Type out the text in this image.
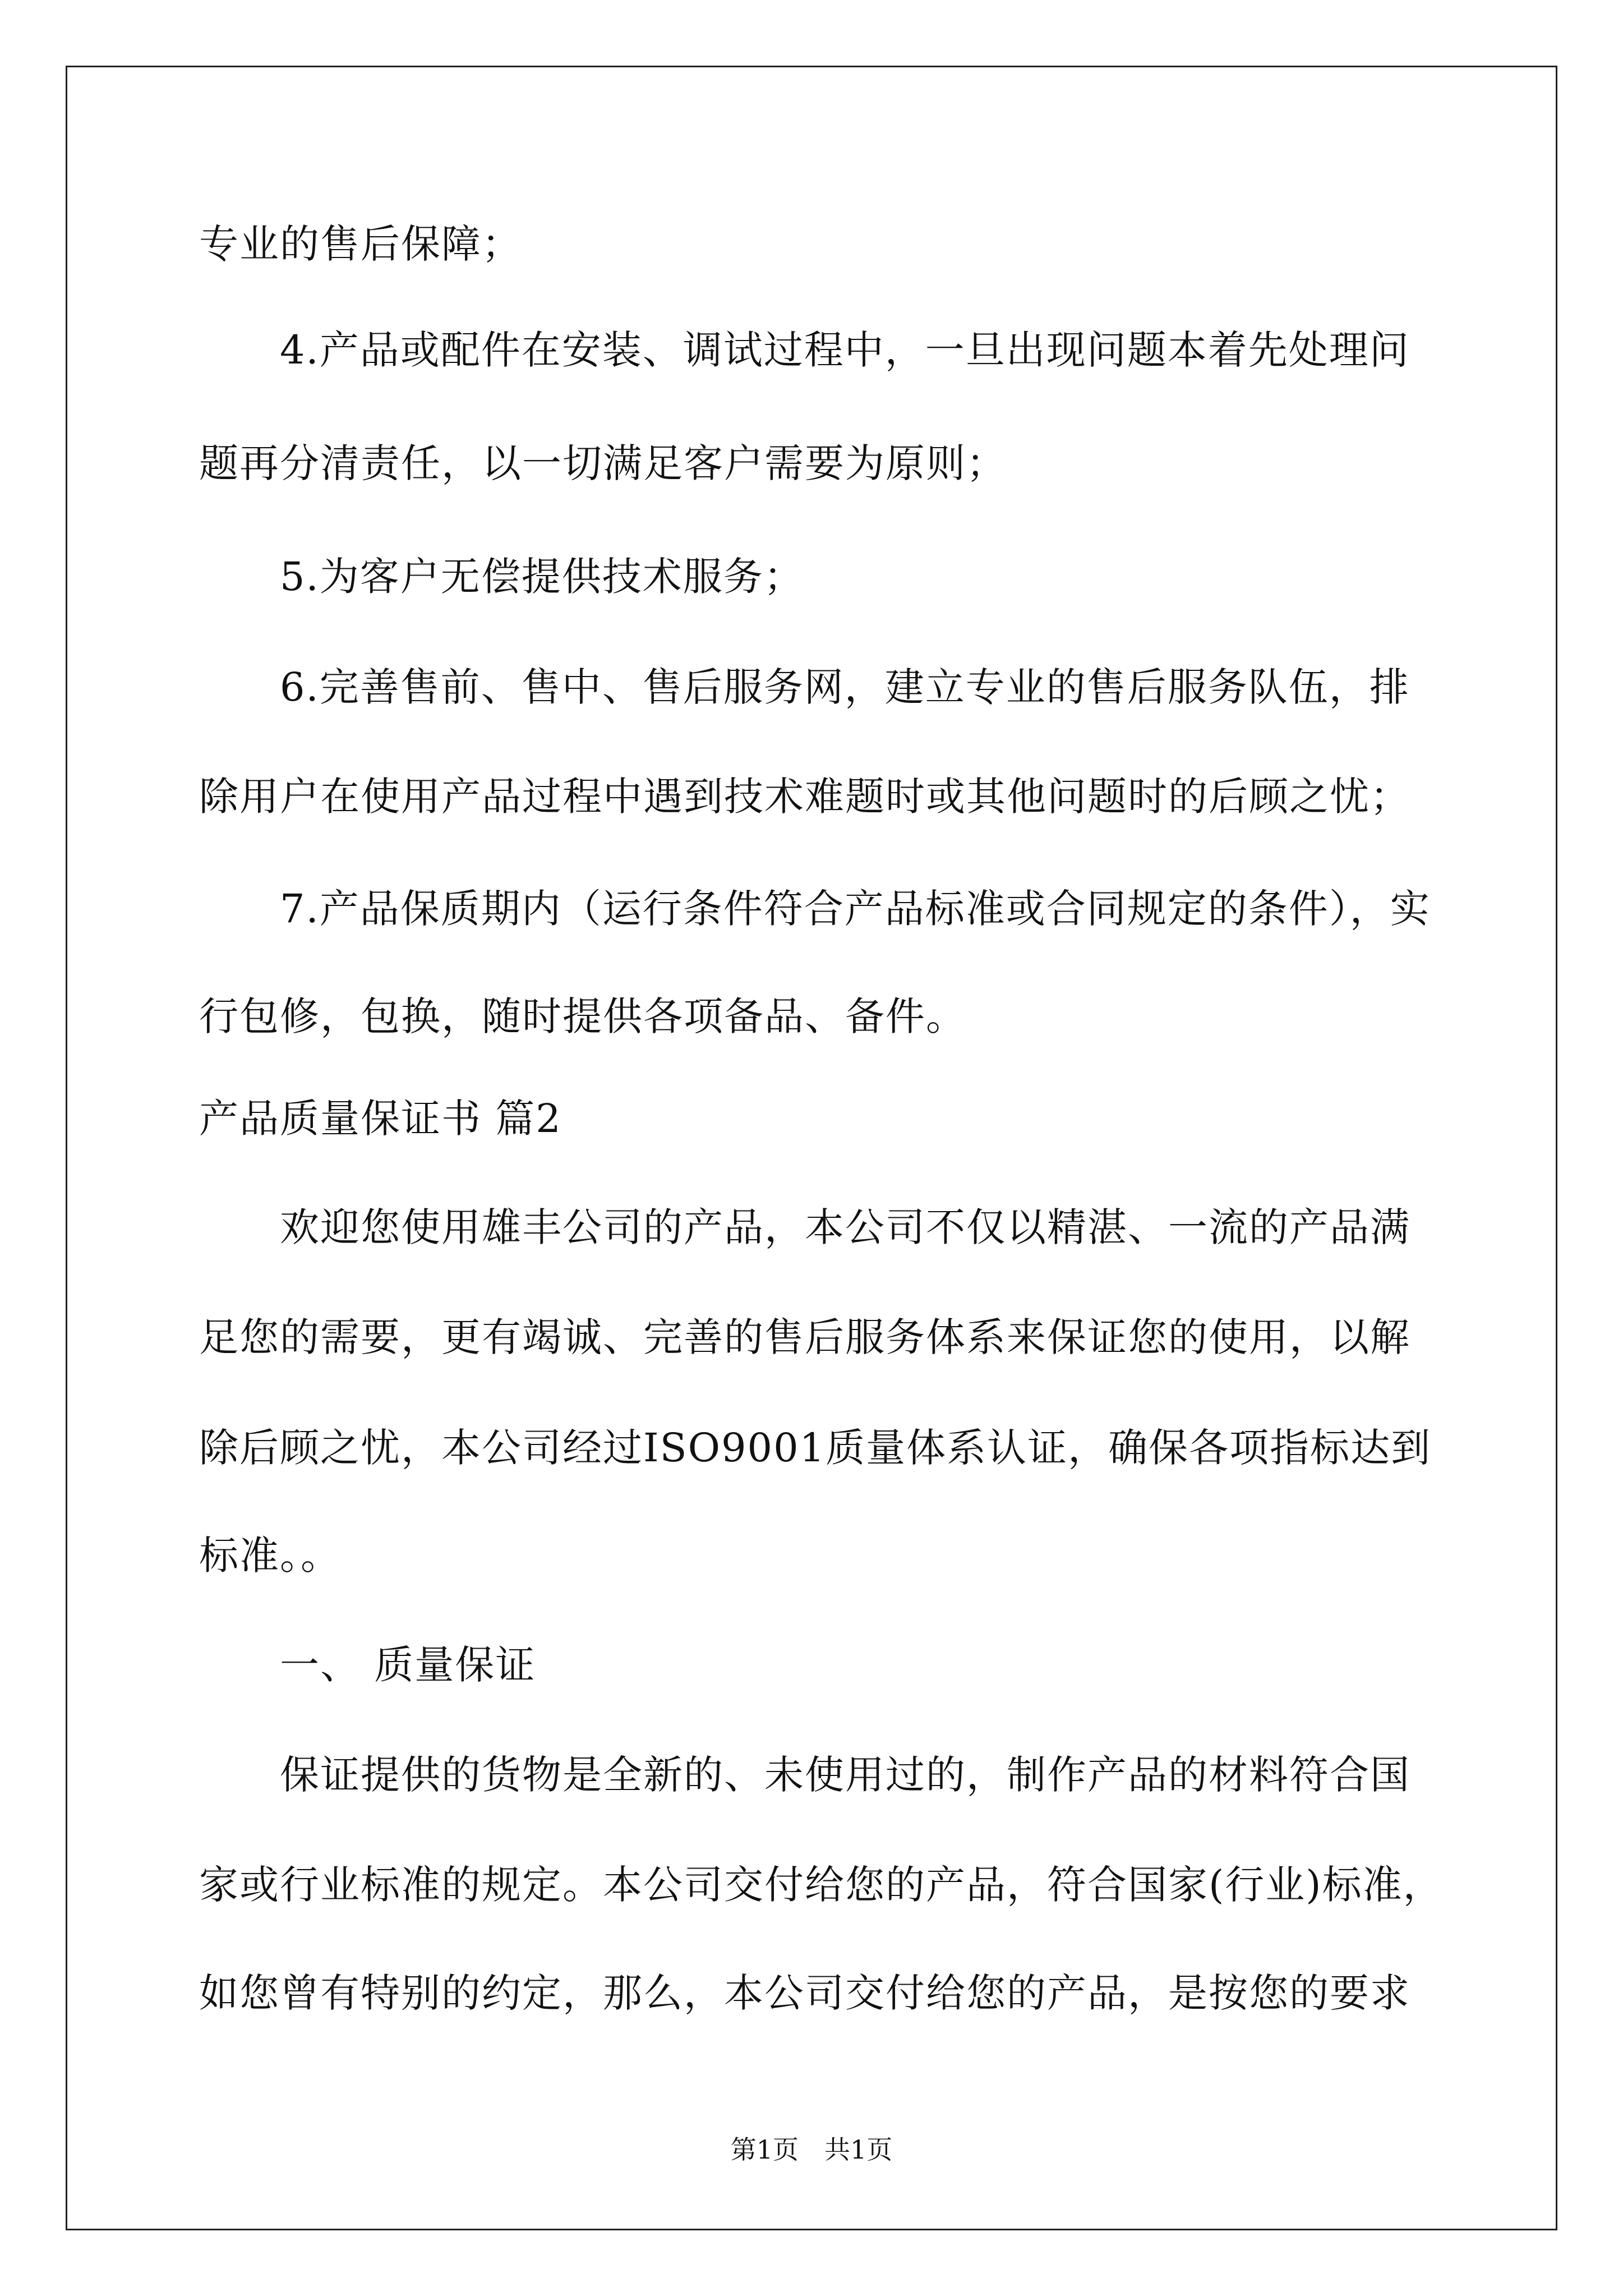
专业的售后保障；
　　4.产品或配件在安装、调试过程中，一旦出现问题本着先处理问
题再分清责任，以一切满足客户需要为原则；
　　5.为客户无偿提供技术服务；
　　6.完善售前、售中、售后服务网，建立专业的售后服务队伍，排
除用户在使用产品过程中遇到技术难题时或其他问题时的后顾之忧；
　　7.产品保质期内（运行条件符合产品标准或合同规定的条件），实
行包修，包换，随时提供各项备品、备件。
产品质量保证书 篇2
　　欢迎您使用雄丰公司的产品，本公司不仅以精湛、一流的产品满
足您的需要，更有竭诚、完善的售后服务体系来保证您的使用，以解
除后顾之忧，本公司经过ISO9001质量体系认证，确保各项指标达到
标准。。
　　一、 质量保证
　　保证提供的货物是全新的、未使用过的，制作产品的材料符合国
家或行业标准的规定。本公司交付给您的产品，符合国家(行业)标准，
如您曾有特别的约定，那么，本公司交付给您的产品，是按您的要求
第1页　共1页
